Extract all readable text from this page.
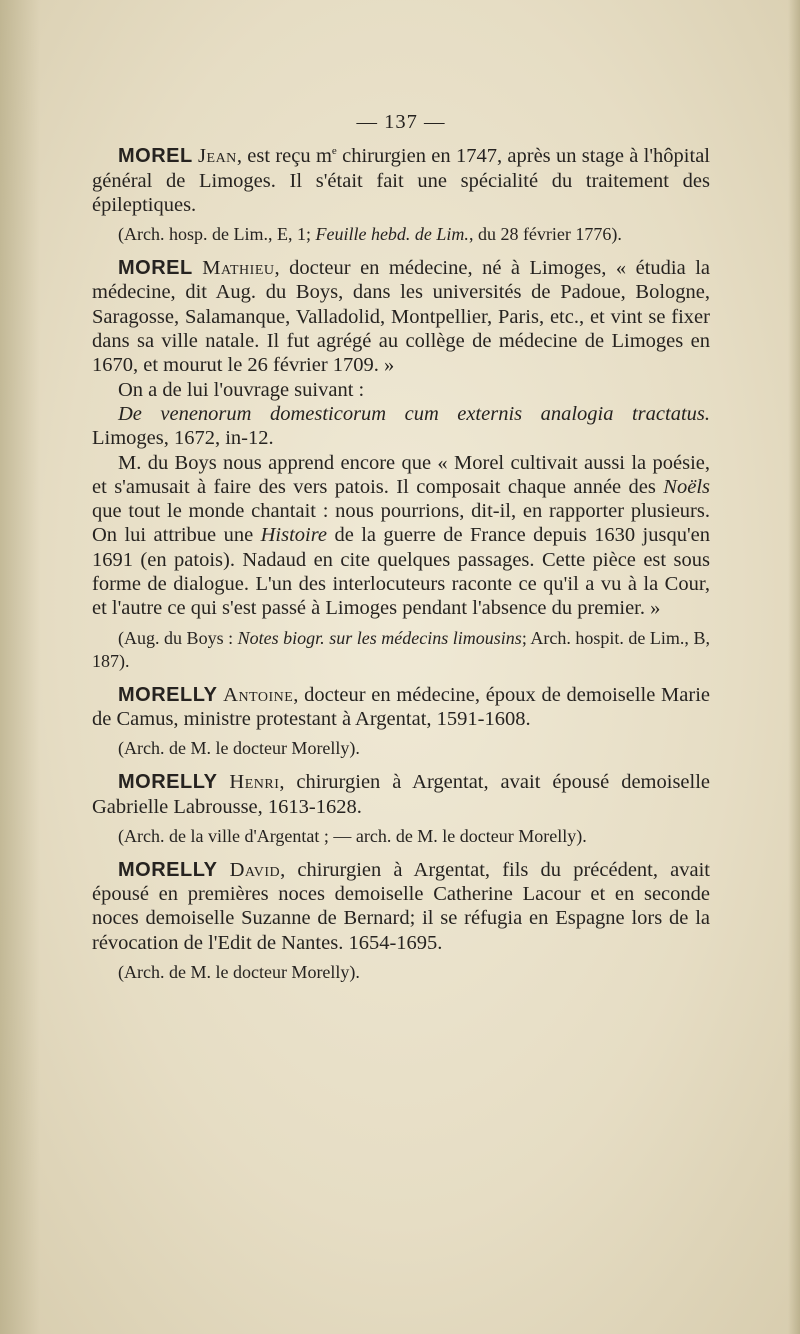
— 137 —

MOREL Jean, est reçu $m^e$ chirurgien en 1747, après un stage à l'hôpital général de Limoges. Il s'était fait une spécialité du traitement des épileptiques.

(Arch. hosp. de Lim., E, 1; Feuille hebd. de Lim., du 28 février 1776).

MOREL Mathieu, docteur en médecine, né à Limoges, « étudia la médecine, dit Aug. du Boys, dans les universités de Padoue, Bologne, Saragosse, Salamanque, Valladolid, Montpellier, Paris, etc., et vint se fixer dans sa ville natale. Il fut agrégé au collège de médecine de Limoges en 1670, et mourut le 26 février 1709. »

On a de lui l'ouvrage suivant :

De venenorum domesticorum cum externis analogia tractatus. Limoges, 1672, in-12.

M. du Boys nous apprend encore que « Morel cultivait aussi la poésie, et s'amusait à faire des vers patois. Il composait chaque année des Noëls que tout le monde chantait : nous pourrions, dit-il, en rapporter plusieurs. On lui attribue une Histoire de la guerre de France depuis 1630 jusqu'en 1691 (en patois). Nadaud en cite quelques passages. Cette pièce est sous forme de dialogue. L'un des interlocuteurs raconte ce qu'il a vu à la Cour, et l'autre ce qui s'est passé à Limoges pendant l'absence du premier. »

(Aug. du Boys : Notes biogr. sur les médecins limousins; Arch. hospit. de Lim., B, 187).

MORELLY Antoine, docteur en médecine, époux de demoiselle Marie de Camus, ministre protestant à Argentat, 1591-1608.

(Arch. de M. le docteur Morelly).

MORELLY Henri, chirurgien à Argentat, avait épousé demoiselle Gabrielle Labrousse, 1613-1628.

(Arch. de la ville d'Argentat ; — arch. de M. le docteur Morelly).

MORELLY David, chirurgien à Argentat, fils du précédent, avait épousé en premières noces demoiselle Catherine Lacour et en seconde noces demoiselle Suzanne de Bernard; il se réfugia en Espagne lors de la révocation de l'Edit de Nantes. 1654-1695.

(Arch. de M. le docteur Morelly).
